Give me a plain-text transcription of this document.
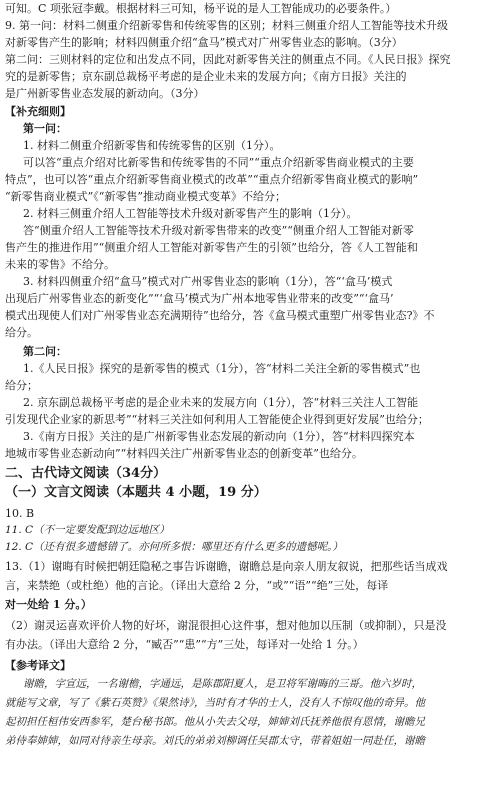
可知。C 项张冠李戴。根据材料三可知，杨平说的是人工智能成功的必要条件。）
9. 第一问：材料二侧重介绍新零售和传统零售的区别；材料三侧重介绍人工智能等技术升级
对新零售产生的影响；材料四侧重介绍“盒马”模式对广州零售业态的影响。（3分）
第二问：三则材料的定位和出发点不同，因此对新零售关注的侧重点不同。《人民日报》探究
究的是新零售；京东副总裁杨平考虑的是企业未来的发展方向；《南方日报》关注的
是广州新零售业态发展的新动向。（3分）
【补充细则】
第一问：
1. 材料二侧重介绍新零售和传统零售的区别（1分）。
可以答“重点介绍对比新零售和传统零售的不同”“重点介绍新零售商业模式的主要
特点”，也可以答“重点介绍新零售商业模式的改革”“重点介绍新零售商业模式的影响”
“新零售商业模式”《“新零售”推动商业模式变革》不给分；
2. 材料三侧重介绍人工智能等技术升级对新零售产生的影响（1分）。
答“侧重介绍人工智能等技术升级对新零售带来的改变”“侧重介绍人工智能对新零
售产生的推进作用”“侧重介绍人工智能对新零售产生的引领”也给分，答《人工智能和
未来的零售》不给分。
3. 材料四侧重介绍“盒马”模式对广州零售业态的影响（1分），答“‘盒马’模式
出现后广州零售业态的新变化”“‘盒马’模式为广州本地零售业带来的改变”“‘盒马’
模式出现使人们对广州零售业态充满期待”也给分，答《盒马模式重塑广州零售业态?》不
给分。
第二问：
1.《人民日报》探究的是新零售的模式（1分），答“材料二关注全新的零售模式”也
给分；
2. 京东副总裁杨平考虑的是企业未来的发展方向（1分），答“材料三关注人工智能
引发现代企业家的新思考”“材料三关注如何利用人工智能使企业得到更好发展”也给分；
3.《南方日报》关注的是广州新零售业态发展的新动向（1分），答“材料四探究本
地城市零售业态新动向”“材料四关注广州新零售业态的创新变革”也给分。
二、古代诗文阅读（34分）
（一）文言文阅读（本题共 4 小题，19 分）
10. B
11. C（不一定要发配到边远地区）
12. C（还有很多遗憾错了。亦何所多恨：哪里还有什么更多的遗憾呢。）
13.（1）谢晦有时候把朝廷隐秘之事告诉谢瞻，谢瞻总是向亲人朋友叙说，把那些话当成戏
言，来禁绝（或杜绝）他的言论。（译出大意给 2 分，“或”“语”“绝”三处，每译
对一处给 1 分。）
（2）谢灵运喜欢评价人物的好坏，谢混很担心这件事，想对他加以压制（或抑制），只是没
有办法。（译出大意给 2 分，“臧否”“患”“方”三处，每译对一处给 1 分。）
【参考译文】
谢瞻，字宣远，一名谢檐，字通远，是陈郡阳夏人，是卫将军谢晦的三哥。他六岁时，
就能写文章，写了《紫石英赞》《果然诗》，当时有才华的士人，没有人不惊叹他的奇异。他
起初担任桓伟安西参军，楚台秘书郎。他从小失去父母，婶婶刘氏抚养他很有恩情，谢瞻兄
弟侍奉婶婶，如同对待亲生母亲。刘氏的弟弟刘柳调任吴郡太守，带着姐姐一同赴任，谢瞻
